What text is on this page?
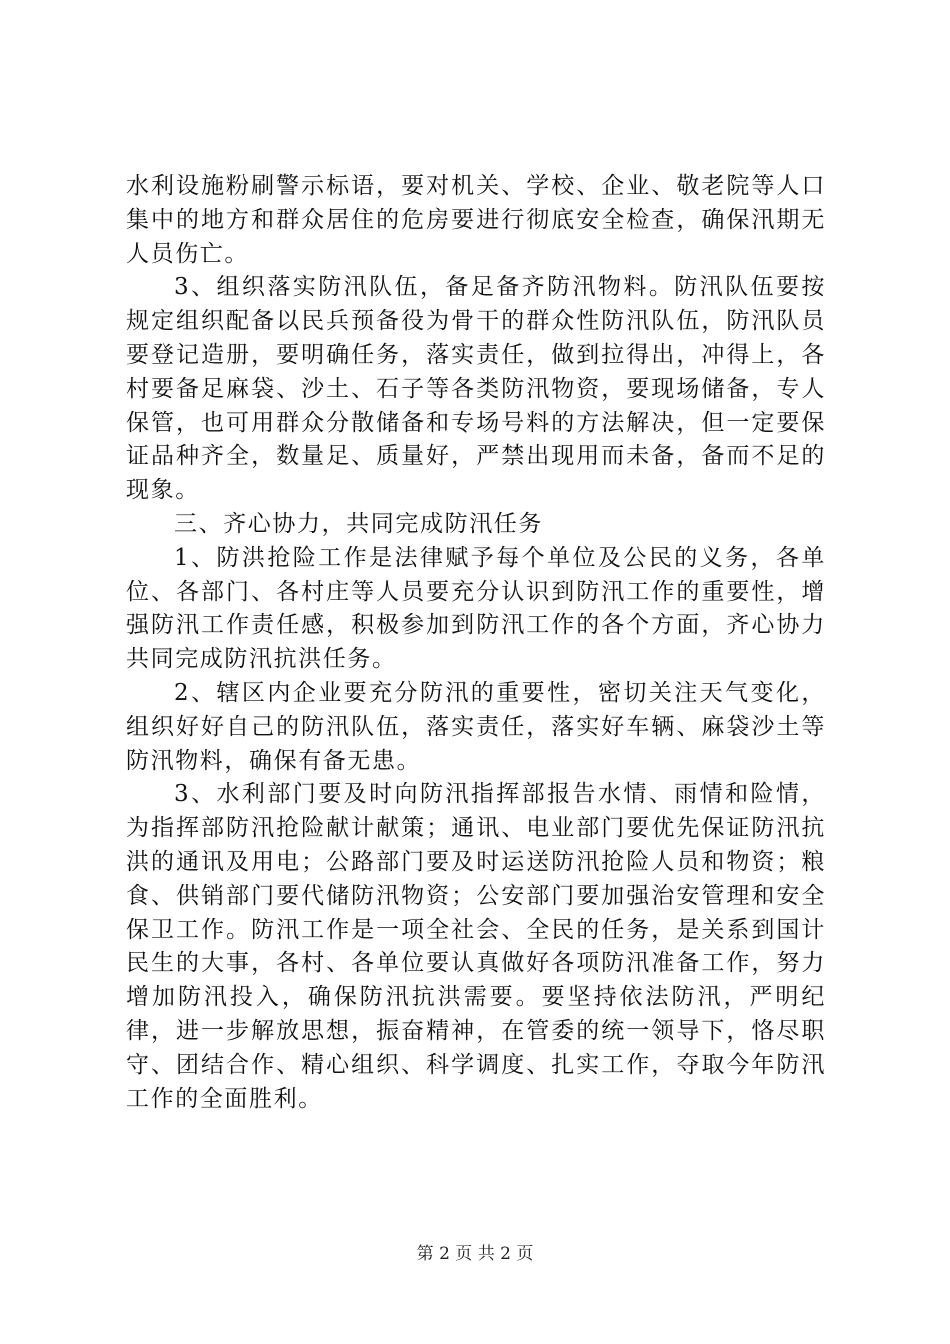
水利设施粉刷警示标语，要对机关、学校、企业、敬老院等人口集中的地方和群众居住的危房要进行彻底安全检查，确保汛期无人员伤亡。

3、组织落实防汛队伍，备足备齐防汛物料。防汛队伍要按规定组织配备以民兵预备役为骨干的群众性防汛队伍，防汛队员要登记造册，要明确任务，落实责任，做到拉得出，冲得上，各村要备足麻袋、沙土、石子等各类防汛物资，要现场储备，专人保管，也可用群众分散储备和专场号料的方法解决，但一定要保证品种齐全，数量足、质量好，严禁出现用而未备，备而不足的现象。

三、齐心协力，共同完成防汛任务

1、防洪抢险工作是法律赋予每个单位及公民的义务，各单位、各部门、各村庄等人员要充分认识到防汛工作的重要性，增强防汛工作责任感，积极参加到防汛工作的各个方面，齐心协力共同完成防汛抗洪任务。

2、辖区内企业要充分防汛的重要性，密切关注天气变化，组织好好自己的防汛队伍，落实责任，落实好车辆、麻袋沙土等防汛物料，确保有备无患。

3、水利部门要及时向防汛指挥部报告水情、雨情和险情，为指挥部防汛抢险献计献策；通讯、电业部门要优先保证防汛抗洪的通讯及用电；公路部门要及时运送防汛抢险人员和物资；粮食、供销部门要代储防汛物资；公安部门要加强治安管理和安全保卫工作。防汛工作是一项全社会、全民的任务，是关系到国计民生的大事，各村、各单位要认真做好各项防汛准备工作，努力增加防汛投入，确保防汛抗洪需要。要坚持依法防汛，严明纪律，进一步解放思想，振奋精神，在管委的统一领导下，恪尽职守、团结合作、精心组织、科学调度、扎实工作，夺取今年防汛工作的全面胜利。

第 2 页 共 2 页
